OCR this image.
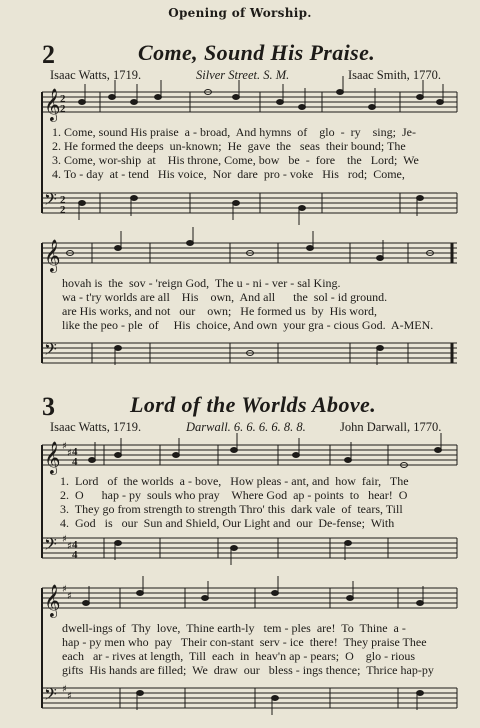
Opening of Worship.
2	Come, Sound His Praise.
Isaac Watts, 1719.	Silver Street. S. M.	Isaac Smith, 1770.
𝄞
𝄢
𝄞
𝄢
𝄞
𝄢
𝄞
𝄢
2
2
2
2
4
4
4
4
♯
♯
♯
♯
♯
♯
♯
♯
1. Come, sound His praise  a - broad,  And hymns  of    glo  -  ry    sing;  Je-
2. He formed the deeps  un-known;  He  gave  the   seas  their bound; The
3. Come, wor-ship  at    His throne, Come, bow   be  -  fore    the   Lord;  We
4. To - day  at - tend   His voice,  Nor  dare  pro - voke   His   rod;  Come,
hovah is  the  sov - 'reign God,  The u - ni - ver - sal King.
wa - t'ry worlds are all    His    own,  And all      the  sol - id ground.
are His works, and not   our    own;   He formed us  by  His word,
like the peo - ple  of     His  choice, And own  your gra - cious God.  A-MEN.
3	Lord of the Worlds Above.
Isaac Watts, 1719.	Darwall. 6. 6. 6. 6. 8. 8.	John Darwall, 1770.
1.  Lord   of  the worlds  a - bove,   How pleas - ant, and  how  fair,   The
2.  O      hap - py  souls who pray    Where God  ap - points  to   hear!  O
3.  They go from strength to strength Thro' this  dark vale  of  tears, Till
4.  God   is   our  Sun and Shield, Our Light and  our  De-fense;  With
dwell-ings of  Thy  love,  Thine earth-ly   tem - ples  are!  To  Thine  a -
hap - py men who  pay   Their con-stant  serv - ice  there!  They praise Thee
each   ar - rives at length,  Till  each  in  heav'n ap - pears;  O    glo - rious
gifts  His hands are filled;  We  draw  our   bless - ings thence;  Thrice hap-py
